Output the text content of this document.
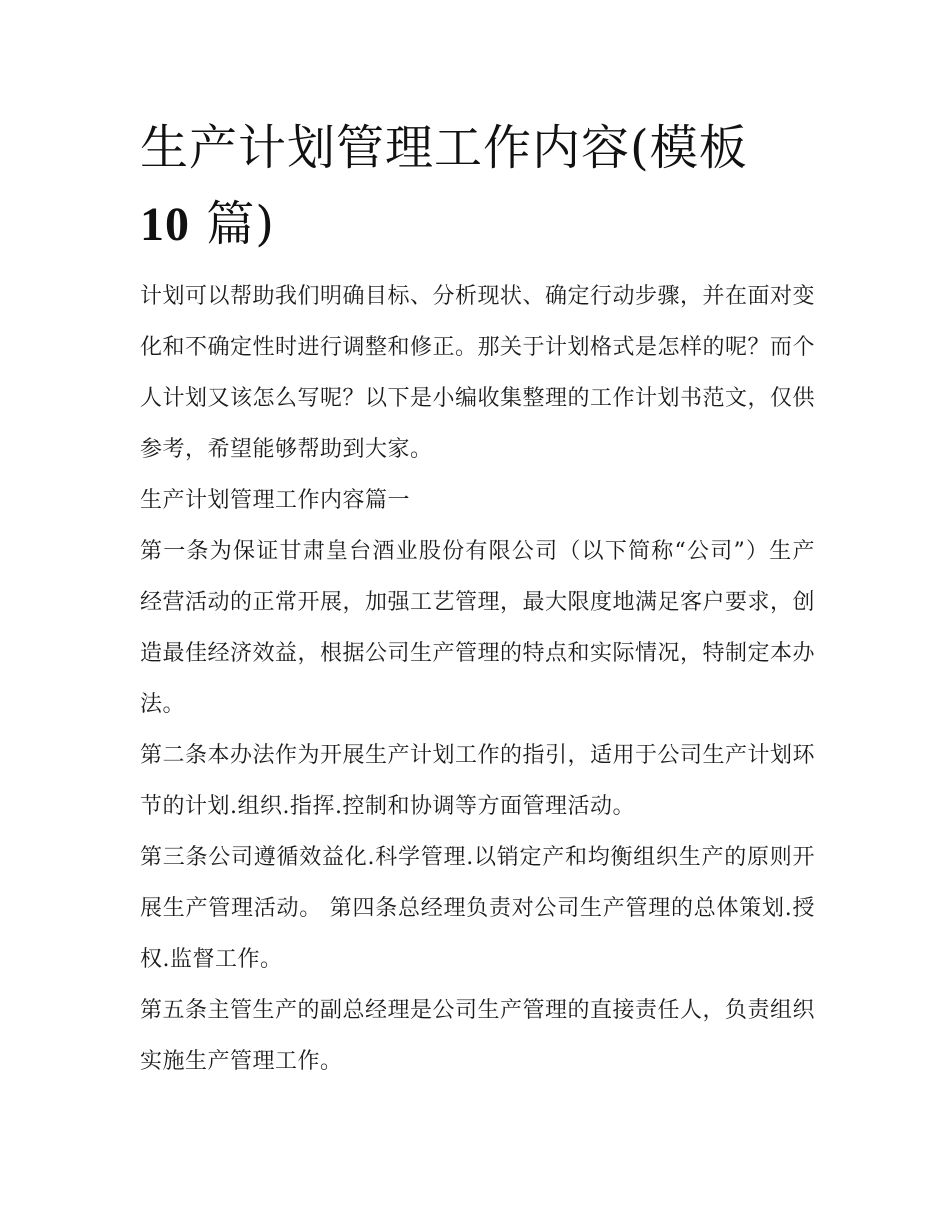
生产计划管理工作内容(模板
10 篇)

计划可以帮助我们明确目标、分析现状、确定行动步骤，并在面对变化和不确定性时进行调整和修正。那关于计划格式是怎样的呢？而个人计划又该怎么写呢？以下是小编收集整理的工作计划书范文，仅供参考，希望能够帮助到大家。

生产计划管理工作内容篇一

第一条为保证甘肃皇台酒业股份有限公司（以下简称“公司”）生产经营活动的正常开展，加强工艺管理，最大限度地满足客户要求，创造最佳经济效益，根据公司生产管理的特点和实际情况，特制定本办法。

第二条本办法作为开展生产计划工作的指引，适用于公司生产计划环节的计划.组织.指挥.控制和协调等方面管理活动。

第三条公司遵循效益化.科学管理.以销定产和均衡组织生产的原则开展生产管理活动。 第四条总经理负责对公司生产管理的总体策划.授权.监督工作。

第五条主管生产的副总经理是公司生产管理的直接责任人，负责组织实施生产管理工作。
